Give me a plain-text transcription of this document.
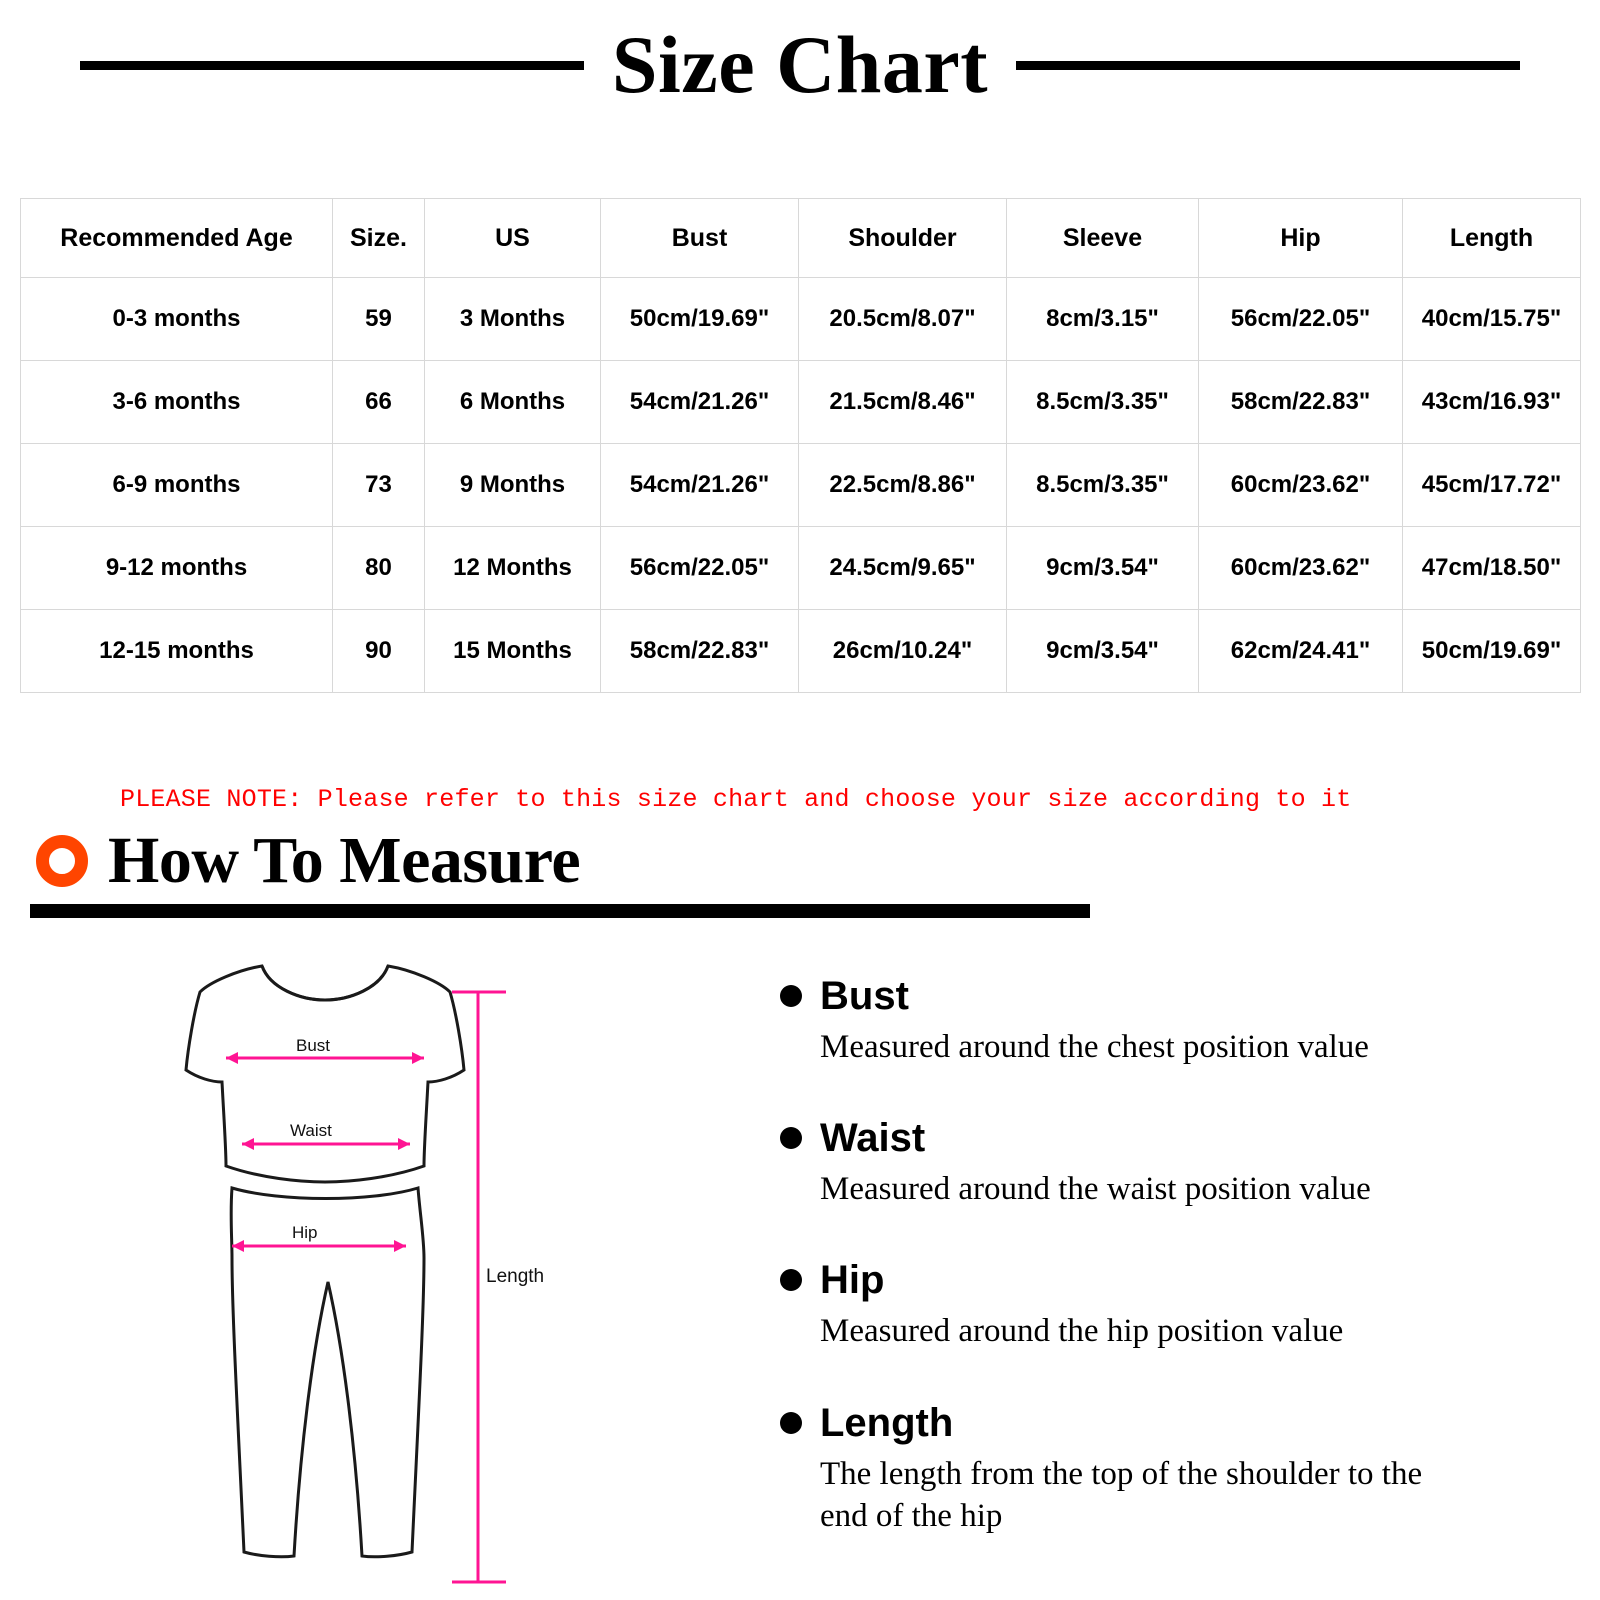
Size Chart
Recommended Age	Size.	US	Bust	Shoulder	Sleeve	Hip	Length
0-3 months	59	3 Months	50cm/19.69"	20.5cm/8.07"	8cm/3.15"	56cm/22.05"	40cm/15.75"
3-6 months	66	6 Months	54cm/21.26"	21.5cm/8.46"	8.5cm/3.35"	58cm/22.83"	43cm/16.93"
6-9 months	73	9 Months	54cm/21.26"	22.5cm/8.86"	8.5cm/3.35"	60cm/23.62"	45cm/17.72"
9-12 months	80	12 Months	56cm/22.05"	24.5cm/9.65"	9cm/3.54"	60cm/23.62"	47cm/18.50"
12-15 months	90	15 Months	58cm/22.83"	26cm/10.24"	9cm/3.54"	62cm/24.41"	50cm/19.69"
PLEASE NOTE: Please refer to this size chart and choose your size according to it
How To Measure
Bust
Waist
Hip
Length
Bust
Measured around the chest position value
Waist
Measured around the waist position value
Hip
Measured around the hip position value
Length
The length from the top of the shoulder to the end of the hip
